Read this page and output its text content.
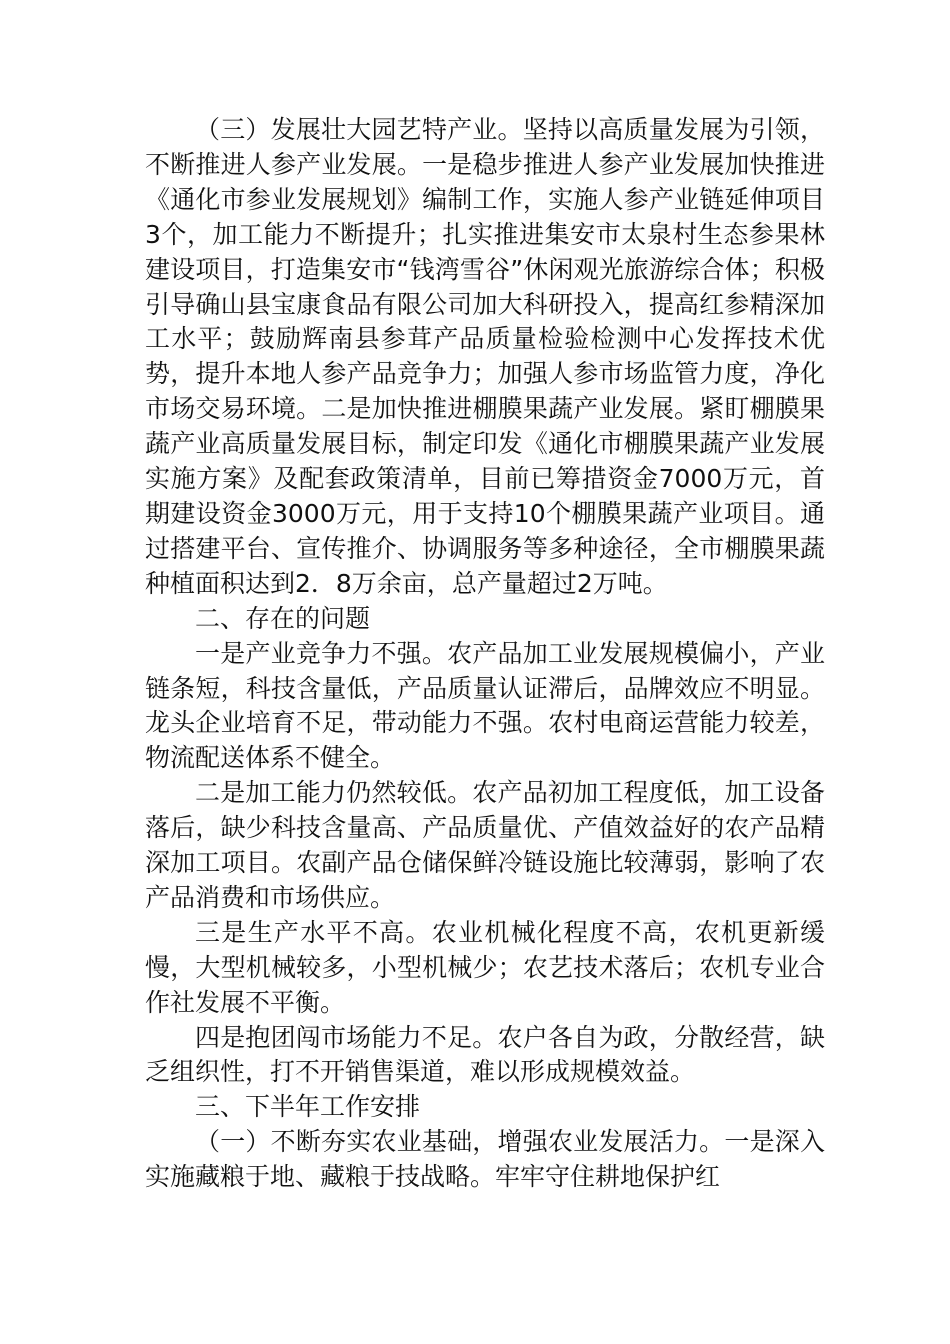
（三）发展壮大园艺特产业。坚持以高质量发展为引领，不断推进人参产业发展。一是稳步推进人参产业发展加快推进《通化市参业发展规划》编制工作，实施人参产业链延伸项目3个，加工能力不断提升；扎实推进集安市太泉村生态参果林建设项目，打造集安市“钱湾雪谷”休闲观光旅游综合体；积极引导确山县宝康食品有限公司加大科研投入，提高红参精深加工水平；鼓励辉南县参茸产品质量检验检测中心发挥技术优势，提升本地人参产品竞争力；加强人参市场监管力度，净化市场交易环境。二是加快推进棚膜果蔬产业发展。紧盯棚膜果蔬产业高质量发展目标，制定印发《通化市棚膜果蔬产业发展实施方案》及配套政策清单，目前已筹措资金7000万元，首期建设资金3000万元，用于支持10个棚膜果蔬产业项目。通过搭建平台、宣传推介、协调服务等多种途径，全市棚膜果蔬种植面积达到2．8万余亩，总产量超过2万吨。

二、存在的问题

一是产业竞争力不强。农产品加工业发展规模偏小，产业链条短，科技含量低，产品质量认证滞后，品牌效应不明显。龙头企业培育不足，带动能力不强。农村电商运营能力较差，物流配送体系不健全。

二是加工能力仍然较低。农产品初加工程度低，加工设备落后，缺少科技含量高、产品质量优、产值效益好的农产品精深加工项目。农副产品仓储保鲜冷链设施比较薄弱，影响了农产品消费和市场供应。

三是生产水平不高。农业机械化程度不高，农机更新缓慢，大型机械较多，小型机械少；农艺技术落后；农机专业合作社发展不平衡。

四是抱团闯市场能力不足。农户各自为政，分散经营，缺乏组织性，打不开销售渠道，难以形成规模效益。

三、下半年工作安排

（一）不断夯实农业基础，增强农业发展活力。一是深入实施藏粮于地、藏粮于技战略。牢牢守住耕地保护红
